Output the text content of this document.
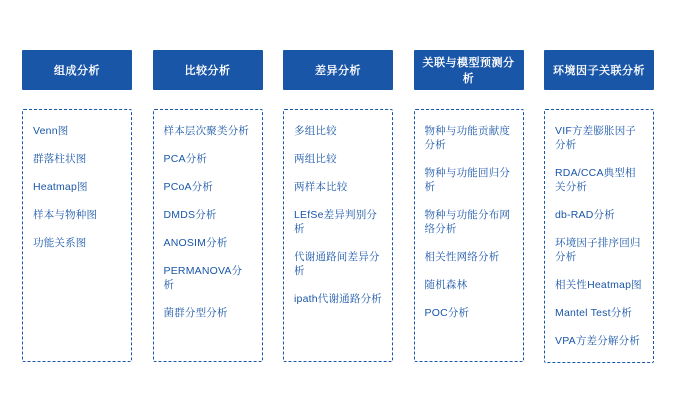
组成分析
Venn图
群落柱状图
Heatmap图
样本与物种图
功能关系图
比较分析
样本层次聚类分析
PCA分析
PCoA分析
DMDS分析
ANOSIM分析
PERMANOVA分析
菌群分型分析
差异分析
多组比较
两组比较
两样本比较
LEfSe差异判别分析
代谢通路间差异分析
ipath代谢通路分析
关联与模型预测分析
物种与功能贡献度分析
物种与功能回归分析
物种与功能分布网络分析
相关性网络分析
随机森林
POC分析
环境因子关联分析
VIF方差膨胀因子分析
RDA/CCA典型相关分析
db-RAD分析
环境因子排序回归分析
相关性Heatmap图
Mantel Test分析
VPA方差分解分析
